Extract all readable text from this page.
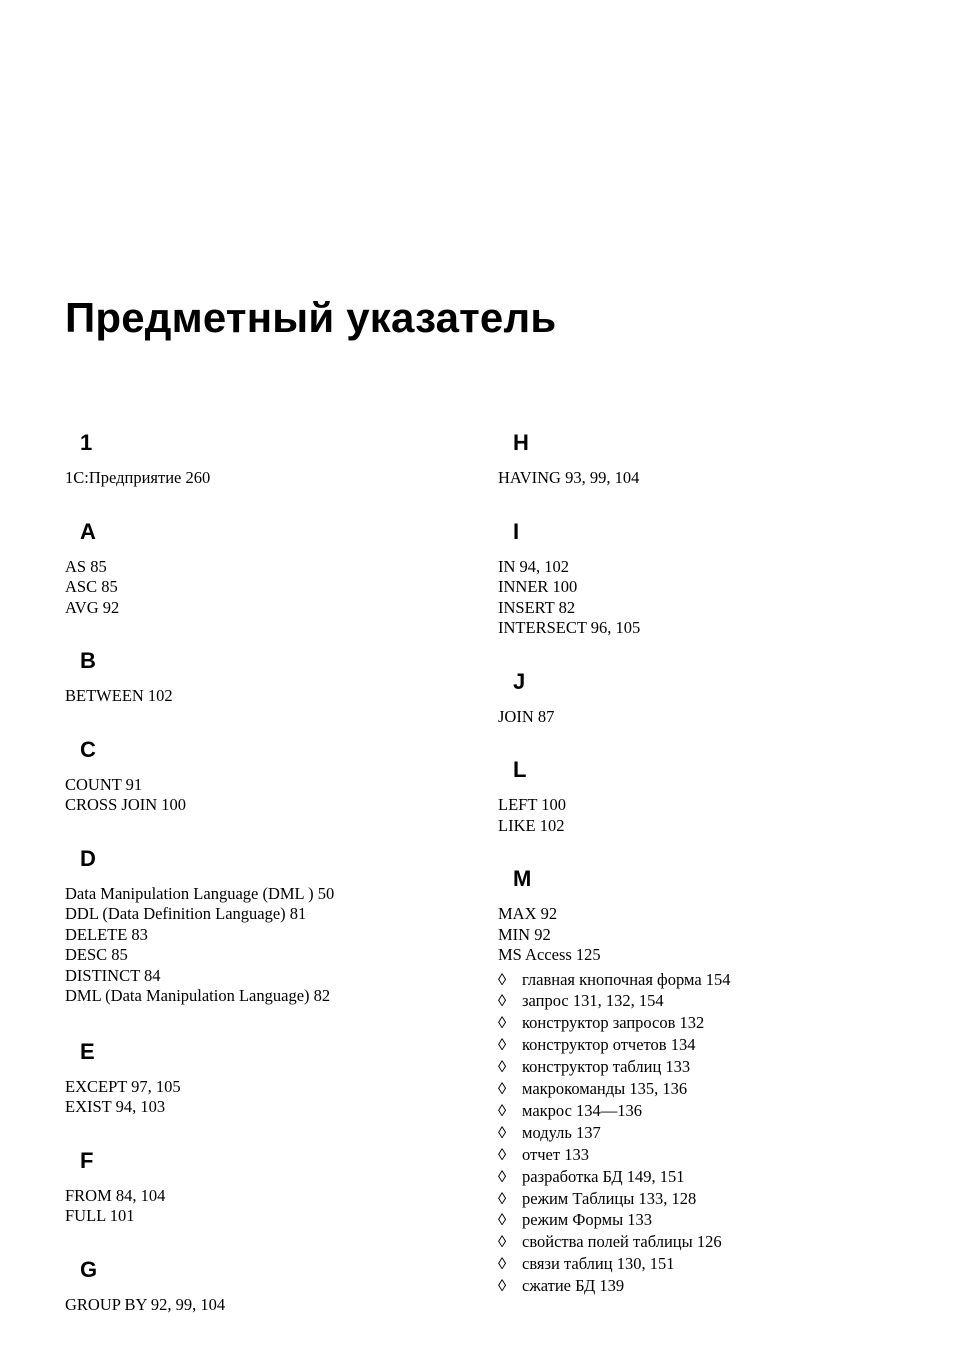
Предметный указатель
1
1С:Предприятие 260
A
AS 85
ASC 85
AVG 92
B
BETWEEN 102
C
COUNT 91
CROSS JOIN 100
D
Data Manipulation Language (DML ) 50
DDL (Data Definition Language) 81
DELETE 83
DESC 85
DISTINCT 84
DML (Data Manipulation Language) 82
E
EXCEPT 97, 105
EXIST 94, 103
F
FROM 84, 104
FULL 101
G
GROUP BY 92, 99, 104
H
HAVING 93, 99, 104
I
IN 94, 102
INNER 100
INSERT 82
INTERSECT 96, 105
J
JOIN 87
L
LEFT 100
LIKE 102
M
MAX 92
MIN 92
MS Access 125
◊ главная кнопочная форма 154
◊ запрос 131, 132, 154
◊ конструктор запросов 132
◊ конструктор отчетов 134
◊ конструктор таблиц 133
◊ макрокоманды 135, 136
◊ макрос 134—136
◊ модуль 137
◊ отчет 133
◊ разработка БД 149, 151
◊ режим Таблицы 133, 128
◊ режим Формы 133
◊ свойства полей таблицы 126
◊ связи таблиц 130, 151
◊ сжатие БД 139
